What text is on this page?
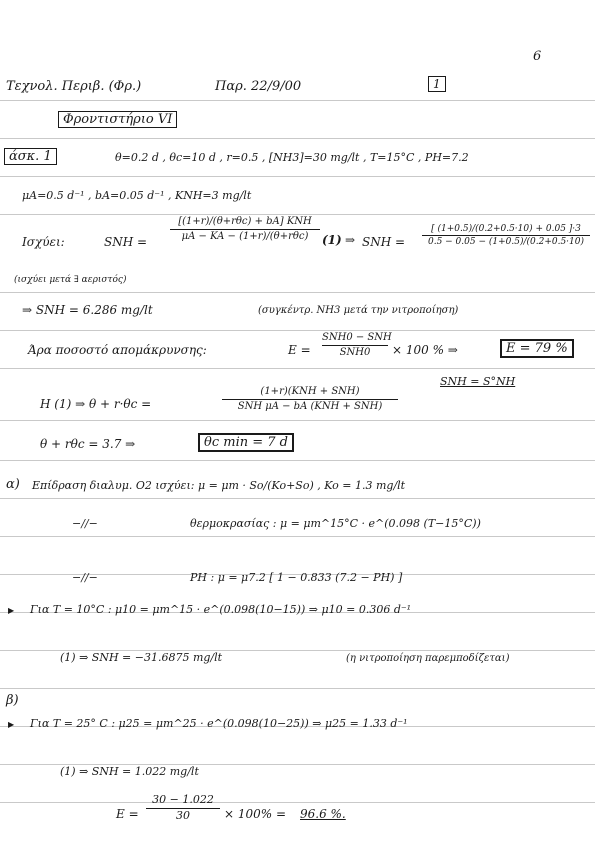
6
Τεχνολ. Περιβ. (Φρ.)	Παρ. 22/9/00	1
Φροντιστήριο VI
άσκ. 1	θ=0.2 d , θc=10 d , r=0.5 , [NH3]=30 mg/lt , T=15°C , PH=7.2
μA=0.5 d⁻¹ , bA=0.05 d⁻¹ , KNH=3 mg/lt
Ισχύει:	SNH =
[(1+r)/(θ+rθc) + bA] KNH
μA − KA − (1+r)/(θ+rθc)	(1) ⇒ SNH =
[ (1+0.5)/(0.2+0.5·10) + 0.05 ]·3
0.5 − 0.05 − (1+0.5)/(0.2+0.5·10)
(ισχύει μετά ∃ αεριστός)
⇒ SNH = 6.286 mg/lt	(συγκέντρ. NH3 μετά την νιτροποίηση)
Άρα ποσοστό απομάκρυνσης:	E =
SNH0 − SNH
SNH0	× 100 % ⇒	E = 79 %
SNH = S°NH
Η (1) ⇒ θ + r·θc =
(1+r)(KNH + SNH)
SNH μA − bA (KNH + SNH)
θ + rθc = 3.7 ⇒	θc min = 7 d
α) Επίδραση διαλυμ. O2 ισχύει: μ = μm · So/(Ko+So) , Ko = 1.3 mg/lt
−//−	θερμοκρασίας : μ = μm^15°C · e^(0.098 (T−15°C))
−//−	PH : μ = μ7.2 [ 1 − 0.833 (7.2 − PH) ]
▶ Για T = 10°C : μ10 = μm^15 · e^(0.098(10−15)) ⇒ μ10 = 0.306 d⁻¹
(1) ⇒ SNH = −31.6875 mg/lt	(η νιτροποίηση παρεμποδίζεται)
β)
▶ Για T = 25° C : μ25 = μm^25 · e^(0.098(10−25)) ⇒ μ25 = 1.33 d⁻¹
(1) ⇒ SNH = 1.022 mg/lt
E =
30 − 1.022
30	× 100% = 96.6 %.
